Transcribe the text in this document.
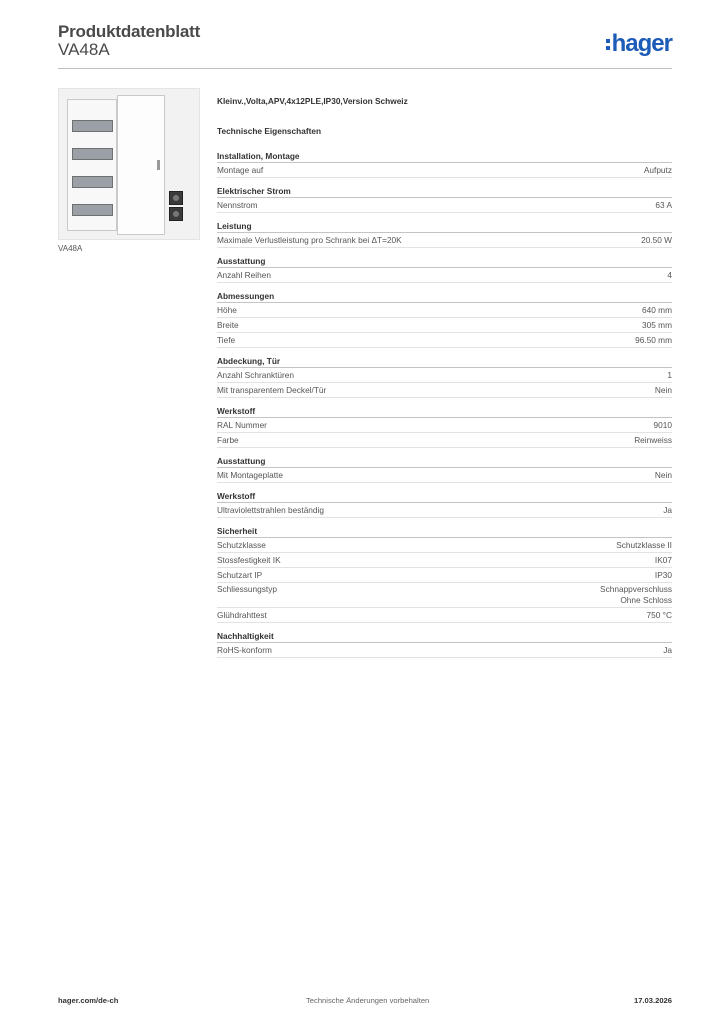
Produktdatenblatt
VA48A	hager
VA48A
Kleinv.,Volta,APV,4x12PLE,IP30,Version Schweiz
Technische Eigenschaften
Installation, Montage
Montage auf	Aufputz
Elektrischer Strom
Nennstrom	63 A
Leistung
Maximale Verlustleistung pro Schrank bei ΔT=20K	20.50 W
Ausstattung
Anzahl Reihen	4
Abmessungen
Höhe	640 mm
Breite	305 mm
Tiefe	96.50 mm
Abdeckung, Tür
Anzahl Schranktüren	1
Mit transparentem Deckel/Tür	Nein
Werkstoff
RAL Nummer	9010
Farbe	Reinweiss
Ausstattung
Mit Montageplatte	Nein
Werkstoff
Ultraviolettstrahlen beständig	Ja
Sicherheit
Schutzklasse	Schutzklasse II
Stossfestigkeit IK	IK07
Schutzart IP	IP30
Schliessungstyp	Schnappverschluss
Ohne Schloss
Glühdrahttest	750 °C
Nachhaltigkeit
RoHS-konform	Ja
hager.com/de-ch	Technische Änderungen vorbehalten	17.03.2026
